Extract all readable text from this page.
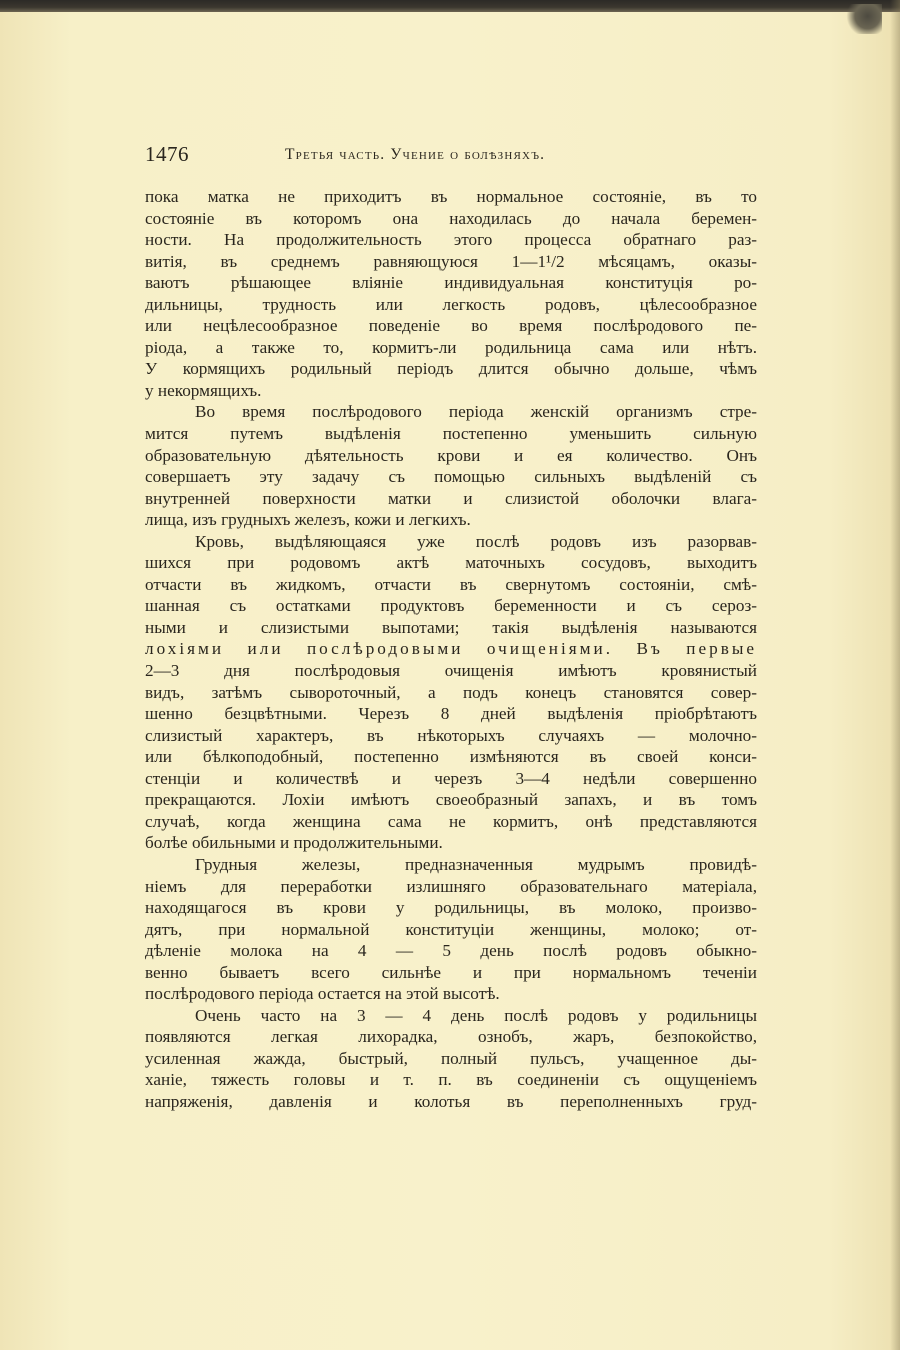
1476	Третья часть. Учение о болѣзняхъ.
пока матка не приходитъ въ нормальное состояніе, въ то
состояніе въ которомъ она находилась до начала беремен-
ности. На продолжительность этого процесса обратнаго раз-
витія, въ среднемъ равняющуюся 1—1¹/2 мѣсяцамъ, оказы-
ваютъ рѣшающее вліяніе индивидуальная конституція ро-
дильницы, трудность или легкость родовъ, цѣлесообразное
или нецѣлесообразное поведеніе во время послѣродового пе-
ріода, а также то, кормитъ-ли родильница сама или нѣтъ.
У кормящихъ родильный періодъ длится обычно дольше, чѣмъ
у некормящихъ.
Во время послѣродового періода женскій организмъ стре-
мится путемъ выдѣленія постепенно уменьшить сильную
образовательную дѣятельность крови и ея количество. Онъ
совершаетъ эту задачу съ помощью сильныхъ выдѣленій съ
внутренней поверхности матки и слизистой оболочки влага-
лища, изъ грудныхъ железъ, кожи и легкихъ.
Кровь, выдѣляющаяся уже послѣ родовъ изъ разорвав-
шихся при родовомъ актѣ маточныхъ сосудовъ, выходитъ
отчасти въ жидкомъ, отчасти въ свернутомъ состояніи, смѣ-
шанная съ остатками продуктовъ беременности и съ сероз-
ными и слизистыми выпотами; такія выдѣленія называются
лохіями или послѣродовыми очищеніями. Въ первые
2—3 дня послѣродовыя очищенія имѣютъ кровянистый
видъ, затѣмъ сывороточный, а подъ конецъ становятся совер-
шенно безцвѣтными. Черезъ 8 дней выдѣленія пріобрѣтаютъ
слизистый характеръ, въ нѣкоторыхъ случаяхъ — молочно-
или бѣлкоподобный, постепенно измѣняются въ своей конси-
стенціи и количествѣ и черезъ 3—4 недѣли совершенно
прекращаются. Лохіи имѣютъ своеобразный запахъ, и въ томъ
случаѣ, когда женщина сама не кормитъ, онѣ представляются
болѣе обильными и продолжительными.
Грудныя железы, предназначенныя мудрымъ провидѣ-
ніемъ для переработки излишняго образовательнаго матеріала,
находящагося въ крови у родильницы, въ молоко, произво-
дятъ, при нормальной конституціи женщины, молоко; от-
дѣленіе молока на 4 — 5 день послѣ родовъ обыкно-
венно бываетъ всего сильнѣе и при нормальномъ теченіи
послѣродового періода остается на этой высотѣ.
Очень часто на 3 — 4 день послѣ родовъ у родильницы
появляются легкая лихорадка, ознобъ, жаръ, безпокойство,
усиленная жажда, быстрый, полный пульсъ, учащенное ды-
ханіе, тяжесть головы и т. п. въ соединеніи съ ощущеніемъ
напряженія, давленія и колотья въ переполненныхъ груд-
